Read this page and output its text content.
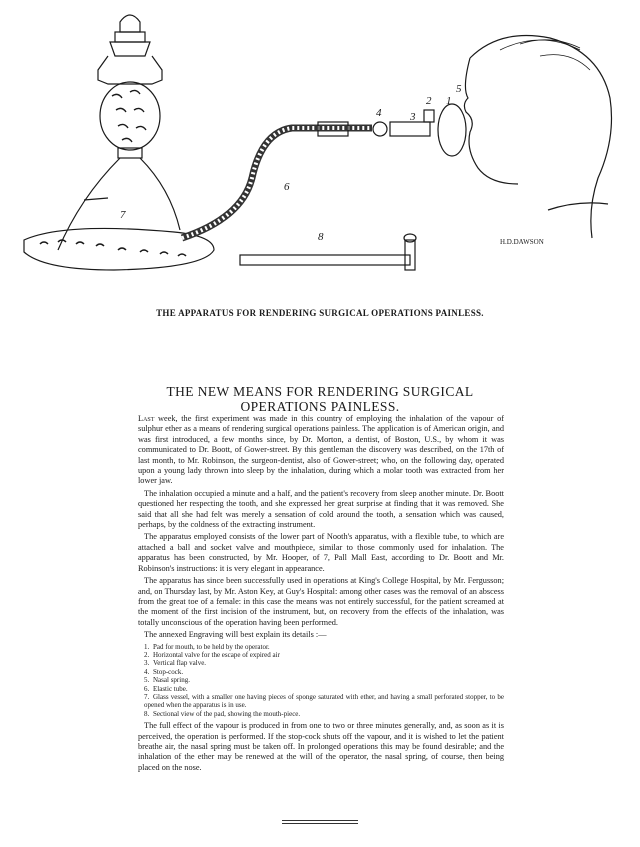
1
2
3
4
5
6
7
8	H.D.DAWSON
THE APPARATUS FOR RENDERING SURGICAL OPERATIONS PAINLESS.
THE NEW MEANS FOR RENDERING SURGICAL
OPERATIONS PAINLESS.

Last week, the first experiment was made in this country of employing the inhalation of the vapour of sulphur ether as a means of rendering surgical operations painless. The application is of American origin, and was first introduced, a few months since, by Dr. Morton, a dentist, of Boston, U.S., by whom it was communicated to Dr. Boott, of Gower-street. By this gentleman the discovery was described, on the 17th of last month, to Mr. Robinson, the surgeon-dentist, also of Gower-street; who, on the following day, operated upon a young lady thrown into sleep by the inhalation, during which a molar tooth was extracted from her lower jaw.

The inhalation occupied a minute and a half, and the patient's recovery from sleep another minute. Dr. Boott questioned her respecting the tooth, and she expressed her great surprise at finding that it was removed. She said that all she had felt was merely a sensation of cold around the tooth, a sensation which was caused, perhaps, by the coldness of the extracting instrument.

The apparatus employed consists of the lower part of Nooth's apparatus, with a flexible tube, to which are attached a ball and socket valve and mouthpiece, similar to those commonly used for inhalation. The apparatus has been constructed, by Mr. Hooper, of 7, Pall Mall East, according to Dr. Boott and Mr. Robinson's instructions: it is very elegant in appearance.

The apparatus has since been successfully used in operations at King's College Hospital, by Mr. Fergusson; and, on Thursday last, by Mr. Aston Key, at Guy's Hospital: among other cases was the removal of an abscess from the great toe of a female: in this case the means was not entirely successful, for the patient screamed at the moment of the first incision of the instrument, but, on recovery from the effects of the inhalation, was totally unconscious of the operation having been performed.

The annexed Engraving will best explain its details :—

1. Pad for mouth, to be held by the operator.
2. Horizontal valve for the escape of expired air
3. Vertical flap valve.
4. Stop-cock.
5. Nasal spring.
6. Elastic tube.
7. Glass vessel, with a smaller one having pieces of sponge saturated with ether, and having a small perforated stopper, to be opened when the apparatus is in use.
8. Sectional view of the pad, showing the mouth-piece.

The full effect of the vapour is produced in from one to two or three minutes generally, and, as soon as it is perceived, the operation is performed. If the stop-cock shuts off the vapour, and it is wished to let the patient breathe air, the nasal spring must be taken off. In prolonged operations this may be found desirable; and the inhalation of the ether may be renewed at the will of the operator, the nasal spring, of course, then being placed on the nose.
